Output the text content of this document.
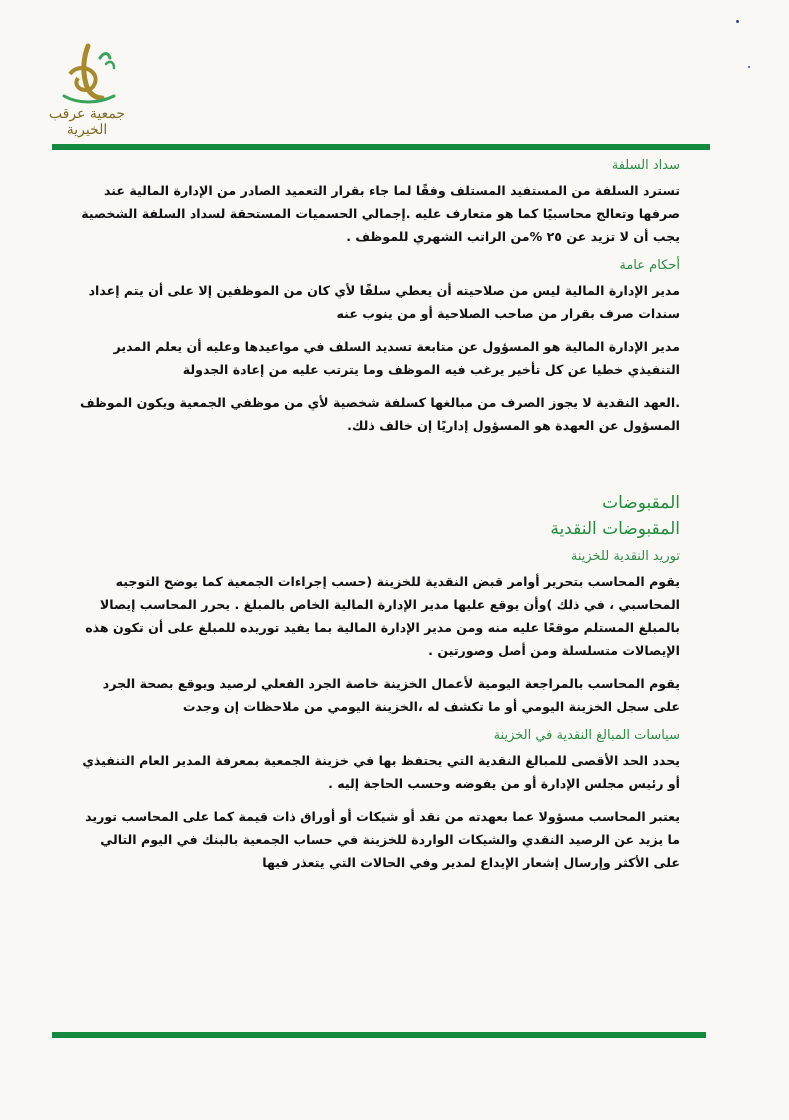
جمعية عرقب الخيرية
سداد السلفة

تسترد السلفة من المستفيد المستلف وفقًا لما جاء بقرار التعميد الصادر من الإدارة المالية عند صرفها وتعالج محاسبيًا كما هو متعارف عليه .إجمالي الحسميات المستحقة لسداد السلفة الشخصية يجب أن لا تزيد عن ٢٥ %من الراتب الشهري للموظف .

أحكام عامة

مدير الإدارة المالية ليس من صلاحيته أن يعطي سلفًا لأي كان من الموظفين إلا على أن يتم إعداد سندات صرف بقرار من صاحب الصلاحية أو من ينوب عنه

مدير الإدارة المالية هو المسؤول عن متابعة تسديد السلف في مواعيدها وعليه أن يعلم المدير التنفيذي خطيا عن كل تأخير يرغب فيه الموظف وما يترتب عليه من إعادة الجدولة

.العهد النقدية لا يجوز الصرف من مبالغها كسلفة شخصية لأي من موظفي الجمعية ويكون الموظف المسؤول عن العهدة هو المسؤول إداريًا إن خالف ذلك.

المقبوضات
المقبوضات النقدية
توريد النقدية للخزينة

يقوم المحاسب بتحرير أوامر قبض النقدية للخزينة (حسب إجراءات الجمعية كما يوضح التوجيه المحاسبي ، في ذلك )وأن يوقع عليها مدير الإدارة المالية الخاص بالمبلغ . يحرر المحاسب إيصالا بالمبلغ المستلم موقعًا عليه منه ومن مدير الإدارة المالية بما يفيد توريده للمبلغ على أن تكون هذه الإيصالات متسلسلة ومن أصل وصورتين .

يقوم المحاسب بالمراجعة اليومية لأعمال الخزينة خاصة الجرد الفعلي لرصيد ويوقع بصحة الجرد على سجل الخزينة اليومي أو ما تكشف له ،الخزينة اليومي من ملاحظات إن وجدت

سياسات المبالغ النقدية في الخزينة

يحدد الحد الأقصى للمبالغ النقدية التي يحتفظ بها في خزينة الجمعية بمعرفة المدير العام التنفيذي أو رئيس مجلس الإدارة أو من يفوضه وحسب الحاجة إليه .

يعتبر المحاسب مسؤولا عما بعهدته من نقد أو شيكات أو أوراق ذات قيمة كما على المحاسب توريد ما يزيد عن الرصيد النقدي والشيكات الواردة للخزينة في حساب الجمعية بالبنك في اليوم التالي على الأكثر وإرسال إشعار الإيداع لمدير وفي الحالات التي يتعذر فيها
